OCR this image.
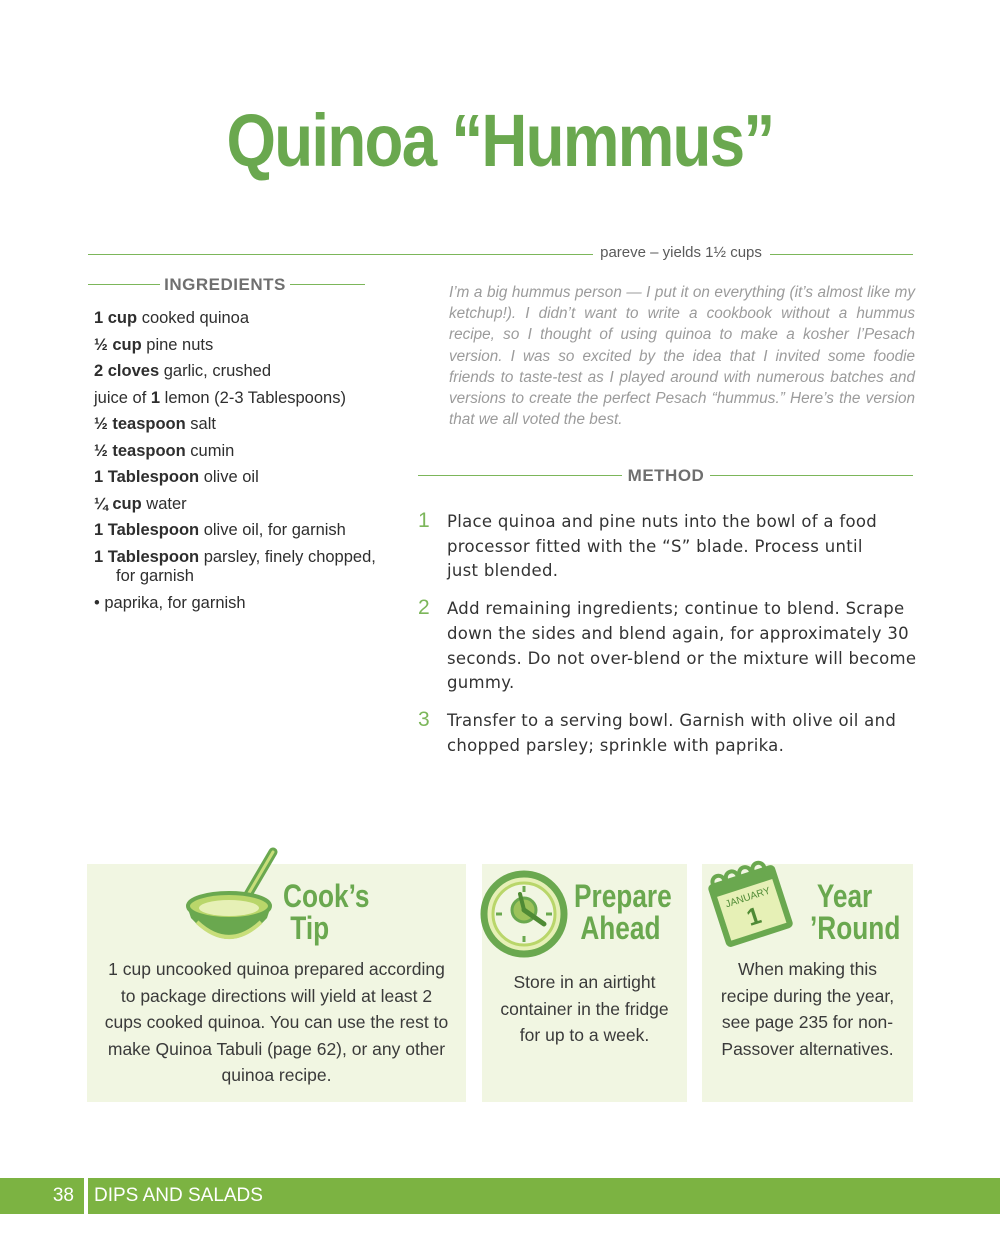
Quinoa “Hummus”
pareve – yields 1½ cups
INGREDIENTS
1 cup cooked quinoa
½ cup pine nuts
2 cloves garlic, crushed
juice of 1 lemon (2-3 Tablespoons)
½ teaspoon salt
½ teaspoon cumin
1 Tablespoon olive oil
¼ cup water
1 Tablespoon olive oil, for garnish
1 Tablespoon parsley, finely chopped, for garnish
• paprika, for garnish
I’m a big hummus person — I put it on everything (it’s almost like my ketchup!). I didn’t want to write a cookbook without a hummus recipe, so I thought of using quinoa to make a kosher l’Pesach version. I was so excited by the idea that I invited some foodie friends to taste-test as I played around with numerous batches and versions to create the perfect Pesach “hummus.” Here’s the version that we all voted the best.
METHOD
1	Place quinoa and pine nuts into the bowl of a food processor fitted with the “S” blade. Process until just blended.
2	Add remaining ingredients; continue to blend. Scrape down the sides and blend again, for approximately 30 seconds. Do not over-blend or the mixture will become gummy.
3	Transfer to a serving bowl. Garnish with olive oil and chopped parsley; sprinkle with paprika.
Cook’s
Tip
1 cup uncooked quinoa prepared according to package directions will yield at least 2 cups cooked quinoa. You can use the rest to make Quinoa Tabuli (page 62), or any other quinoa recipe.
Prepare
Ahead
Store in an airtight container in the fridge for up to a week.
JANUARY
1
Year
’Round
When making this recipe during the year, see page 235 for non-Passover alternatives.
38 DIPS AND SALADS
